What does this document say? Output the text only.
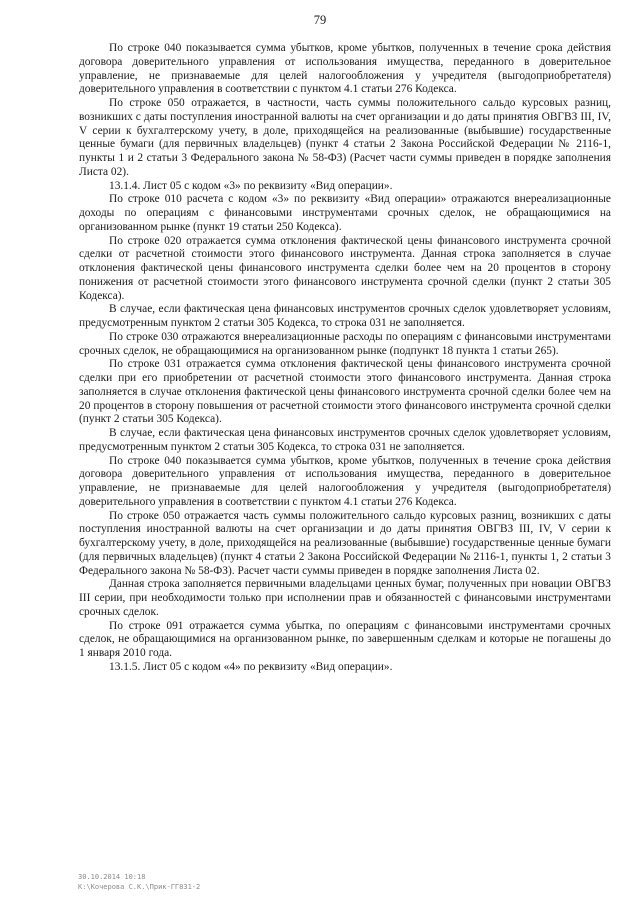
79

По строке 040 показывается сумма убытков, кроме убытков, полученных в течение срока действия договора доверительного управления от использования имущества, переданного в доверительное управление, не признаваемые для целей налогообложения у учредителя (выгодоприобретателя) доверительного управления в соответствии с пунктом 4.1 статьи 276 Кодекса.

По строке 050 отражается, в частности, часть суммы положительного сальдо курсовых разниц, возникших с даты поступления иностранной валюты на счет организации и до даты принятия ОВГВЗ III, IV, V серии к бухгалтерскому учету, в доле, приходящейся на реализованные (выбывшие) государственные ценные бумаги (для первичных владельцев) (пункт 4 статьи 2 Закона Российской Федерации № 2116-1, пункты 1 и 2 статьи 3 Федерального закона № 58-ФЗ) (Расчет части суммы приведен в порядке заполнения Листа 02).

13.1.4. Лист 05 с кодом «3» по реквизиту «Вид операции».

По строке 010 расчета с кодом «3» по реквизиту «Вид операции» отражаются внереализационные доходы по операциям с финансовыми инструментами срочных сделок, не обращающимися на организованном рынке (пункт 19 статьи 250 Кодекса).

По строке 020 отражается сумма отклонения фактической цены финансового инструмента срочной сделки от расчетной стоимости этого финансового инструмента. Данная строка заполняется в случае отклонения фактической цены финансового инструмента сделки более чем на 20 процентов в сторону понижения от расчетной стоимости этого финансового инструмента срочной сделки (пункт 2 статьи 305 Кодекса).

В случае, если фактическая цена финансовых инструментов срочных сделок удовлетворяет условиям, предусмотренным пунктом 2 статьи 305 Кодекса, то строка 031 не заполняется.

По строке 030 отражаются внереализационные расходы по операциям с финансовыми инструментами срочных сделок, не обращающимися на организованном рынке (подпункт 18 пункта 1 статьи 265).

По строке 031 отражается сумма отклонения фактической цены финансового инструмента срочной сделки при его приобретении от расчетной стоимости этого финансового инструмента. Данная строка заполняется в случае отклонения фактической цены финансового инструмента срочной сделки более чем на 20 процентов в сторону повышения от расчетной стоимости этого финансового инструмента срочной сделки (пункт 2 статьи 305 Кодекса).

В случае, если фактическая цена финансовых инструментов срочных сделок удовлетворяет условиям, предусмотренным пунктом 2 статьи 305 Кодекса, то строка 031 не заполняется.

По строке 040 показывается сумма убытков, кроме убытков, полученных в течение срока действия договора доверительного управления от использования имущества, переданного в доверительное управление, не признаваемые для целей налогообложения у учредителя (выгодоприобретателя) доверительного управления в соответствии с пунктом 4.1 статьи 276 Кодекса.

По строке 050 отражается часть суммы положительного сальдо курсовых разниц, возникших с даты поступления иностранной валюты на счет организации и до даты принятия ОВГВЗ III, IV, V серии к бухгалтерскому учету, в доле, приходящейся на реализованные (выбывшие) государственные ценные бумаги (для первичных владельцев) (пункт 4 статьи 2 Закона Российской Федерации № 2116-1, пункты 1, 2 статьи 3 Федерального закона № 58-ФЗ). Расчет части суммы приведен в порядке заполнения Листа 02.

Данная строка заполняется первичными владельцами ценных бумаг, полученных при новации ОВГВЗ III серии, при необходимости только при исполнении прав и обязанностей с финансовыми инструментами срочных сделок.

По строке 091 отражается сумма убытка, по операциям с финансовыми инструментами срочных сделок, не обращающимися на организованном рынке, по завершенным сделкам и которые не погашены до 1 января 2010 года.

13.1.5. Лист 05 с кодом «4» по реквизиту «Вид операции».

30.10.2014 10:18
К:\Кочерова С.К.\Прик-ГГ831-2
